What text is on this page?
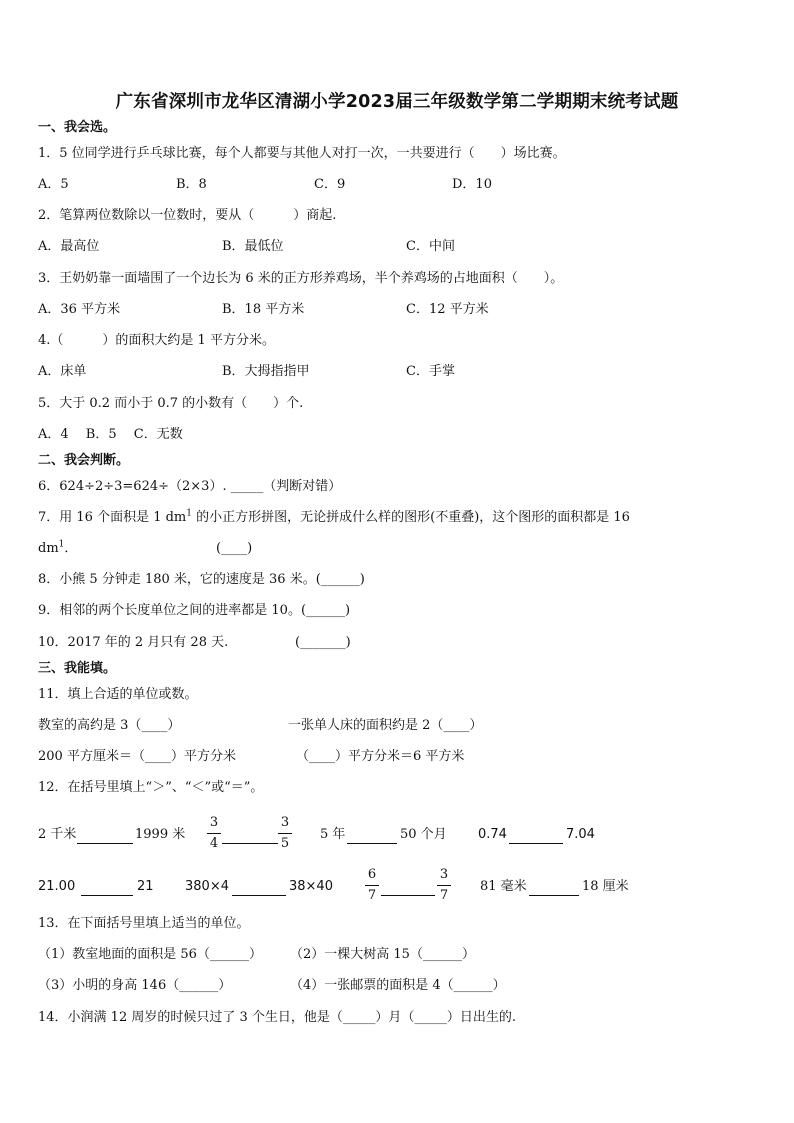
广东省深圳市龙华区清湖小学2023届三年级数学第二学期期末统考试题
一、我会选。
1．5 位同学进行乒乓球比赛，每个人都要与其他人对打一次，一共要进行（　　）场比赛。
A．5	B．8	C．9	D．10
2．笔算两位数除以一位数时，要从（　　　）商起.
A．最高位	B．最低位	C．中间
3．王奶奶靠一面墙围了一个边长为 6 米的正方形养鸡场，半个养鸡场的占地面积（　　）。
A．36 平方米	B．18 平方米	C．12 平方米
4.（　　　）的面积大约是 1 平方分米。
A．床单	B．大拇指指甲	C．手掌
5．大于 0.2 而小于 0.7 的小数有（　　）个.
A．4　 B．5　 C．无数
二、我会判断。
6．624÷2÷3=624÷（2×3）. _____（判断对错）
7．用 16 个面积是 1 $dm^1$ 的小正方形拼图，无论拼成什么样的图形(不重叠)，这个图形的面积都是 16
$dm^1$．	(____)
8．小熊 5 分钟走 180 米，它的速度是 36 米。(______)
9．相邻的两个长度单位之间的进率都是 10。(______)
10．2017 年的 2 月只有 28 天.	(_______)
三、我能填。
11．填上合适的单位或数。
教室的高约是 3（____）	一张单人床的面积约是 2（____）
200 平方厘米＝（____）平方分米	（____）平方分米＝6 平方米
12．在括号里填上“＞”、“＜”或“＝”。
2 千米	1999 米
3
4
3
5
5 年	50 个月 0.74	7.04
21.00	21 380×4	38×40
6
7
3
7
81 毫米	18 厘米
13．在下面括号里填上适当的单位。
（1）教室地面的面积是 56（______） （2）一棵大树高 15（______）
（3）小明的身高 146（______）	（4）一张邮票的面积是 4（______）
14．小润满 12 周岁的时候只过了 3 个生日，他是（_____）月（_____）日出生的.
